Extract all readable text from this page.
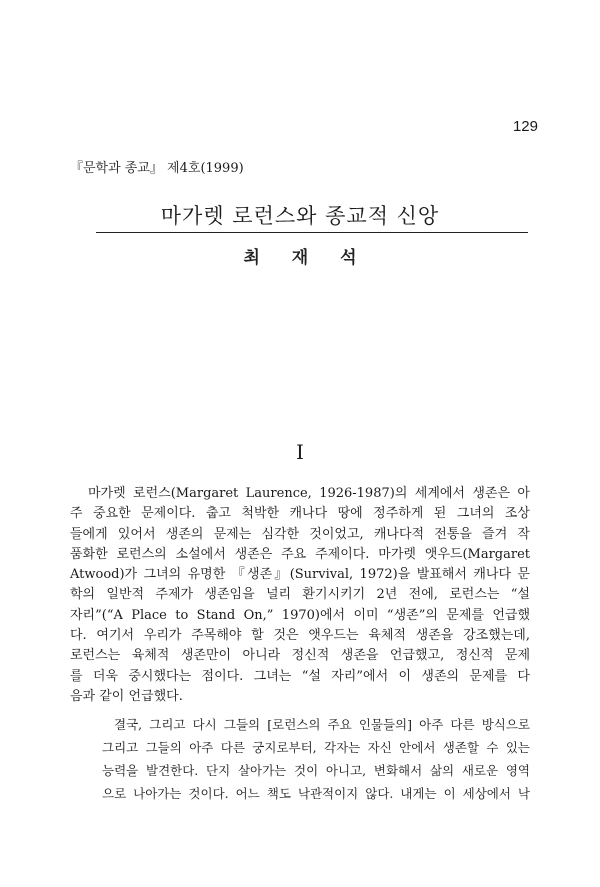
129
『문학과 종교』 제4호(1999)
마가렛 로런스와 종교적 신앙
최 재 석
I
마가렛 로런스(Margaret Laurence, 1926-1987)의 세계에서 생존은 아
주 중요한 문제이다. 춥고 척박한 캐나다 땅에 정주하게 된 그녀의 조상
들에게 있어서 생존의 문제는 심각한 것이었고, 캐나다적 전통을 즐겨 작
품화한 로런스의 소설에서 생존은 주요 주제이다. 마가렛 앳우드(Margaret
Atwood)가 그녀의 유명한 『생존』(Survival, 1972)을 발표해서 캐나다 문
학의 일반적 주제가 생존임을 널리 환기시키기 2년 전에, 로런스는 “설
자리”(“A Place to Stand On,” 1970)에서 이미 “생존”의 문제를 언급했
다. 여기서 우리가 주목해야 할 것은 앳우드는 육체적 생존을 강조했는데,
로런스는 육체적 생존만이 아니라 정신적 생존을 언급했고, 정신적 문제
를 더욱 중시했다는 점이다. 그녀는 “설 자리”에서 이 생존의 문제를 다
음과 같이 언급했다.
결국, 그리고 다시 그들의 [로런스의 주요 인물들의] 아주 다른 방식으로
그리고 그들의 아주 다른 궁지로부터, 각자는 자신 안에서 생존할 수 있는
능력을 발견한다. 단지 살아가는 것이 아니고, 변화해서 삶의 새로운 영역
으로 나아가는 것이다. 어느 책도 낙관적이지 않다. 내게는 이 세상에서 낙
